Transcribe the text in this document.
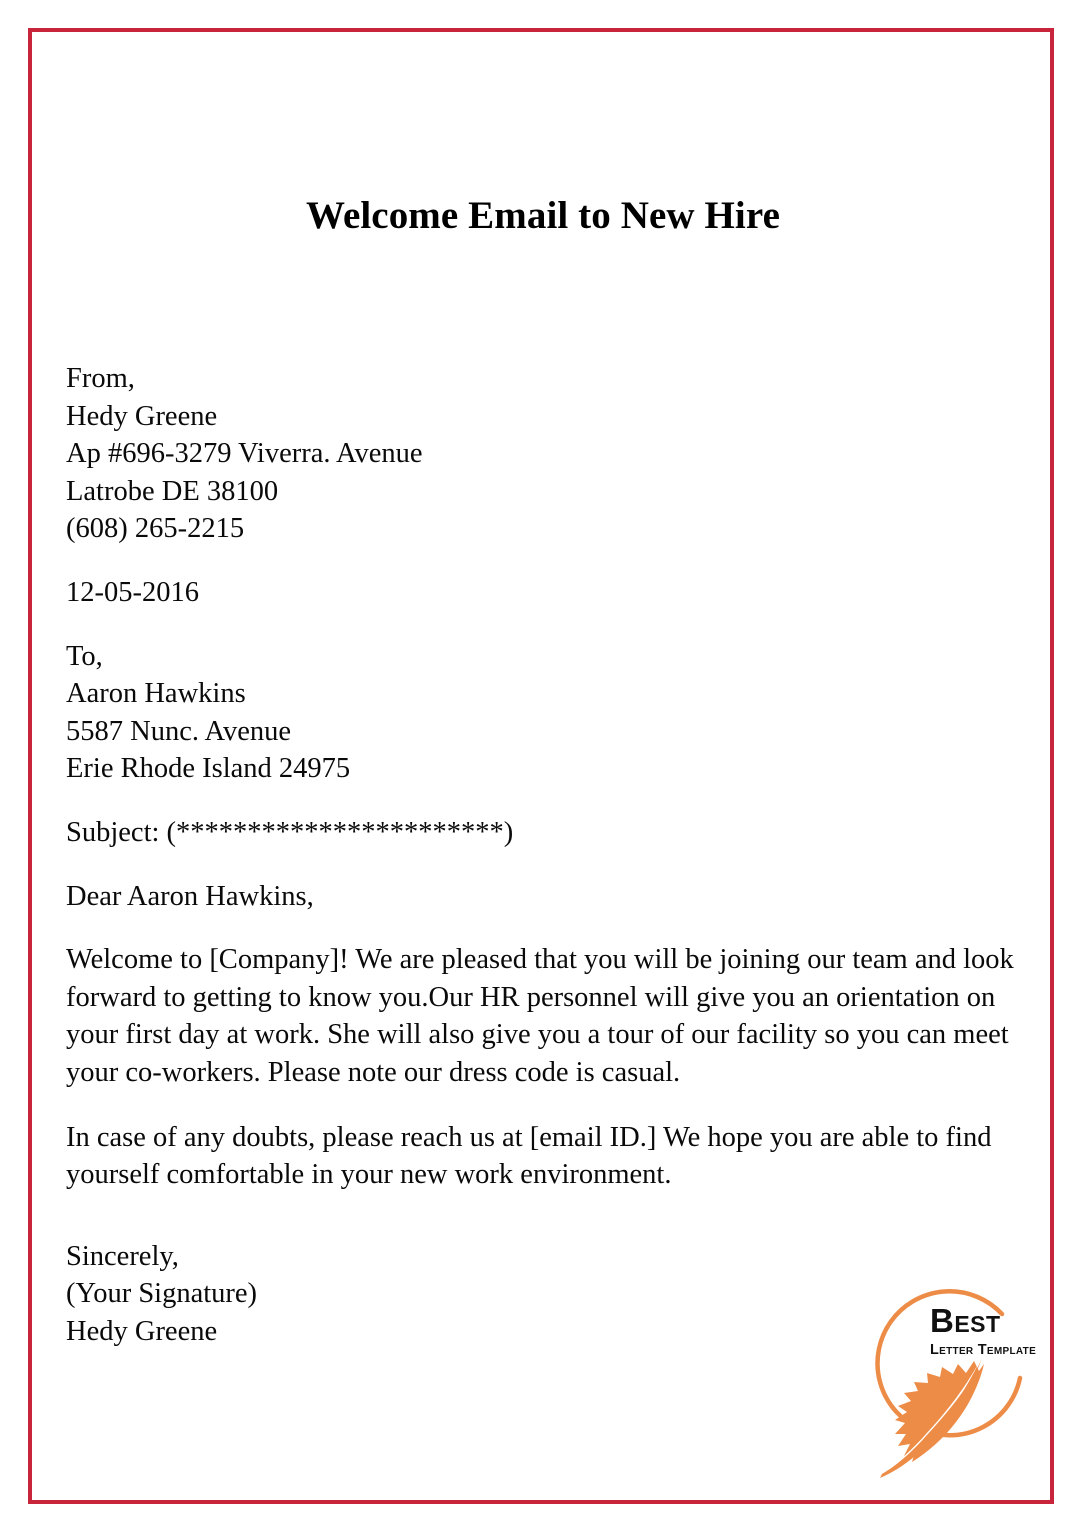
Welcome Email to New Hire
From,
Hedy Greene
Ap #696-3279 Viverra. Avenue
Latrobe DE 38100
(608) 265-2215
12-05-2016
To,
Aaron Hawkins
5587 Nunc. Avenue
Erie Rhode Island 24975
Subject: (***********************)
Dear Aaron Hawkins,

Welcome to [Company]! We are pleased that you will be joining our team and look forward to getting to know you.Our HR personnel will give you an orientation on your first day at work. She will also give you a tour of our facility so you can meet your co-workers. Please note our dress code is casual.

In case of any doubts, please reach us at [email ID.] We hope you are able to find yourself comfortable in your new work environment.

Sincerely,
(Your Signature)
Hedy Greene	Best
Letter Template
